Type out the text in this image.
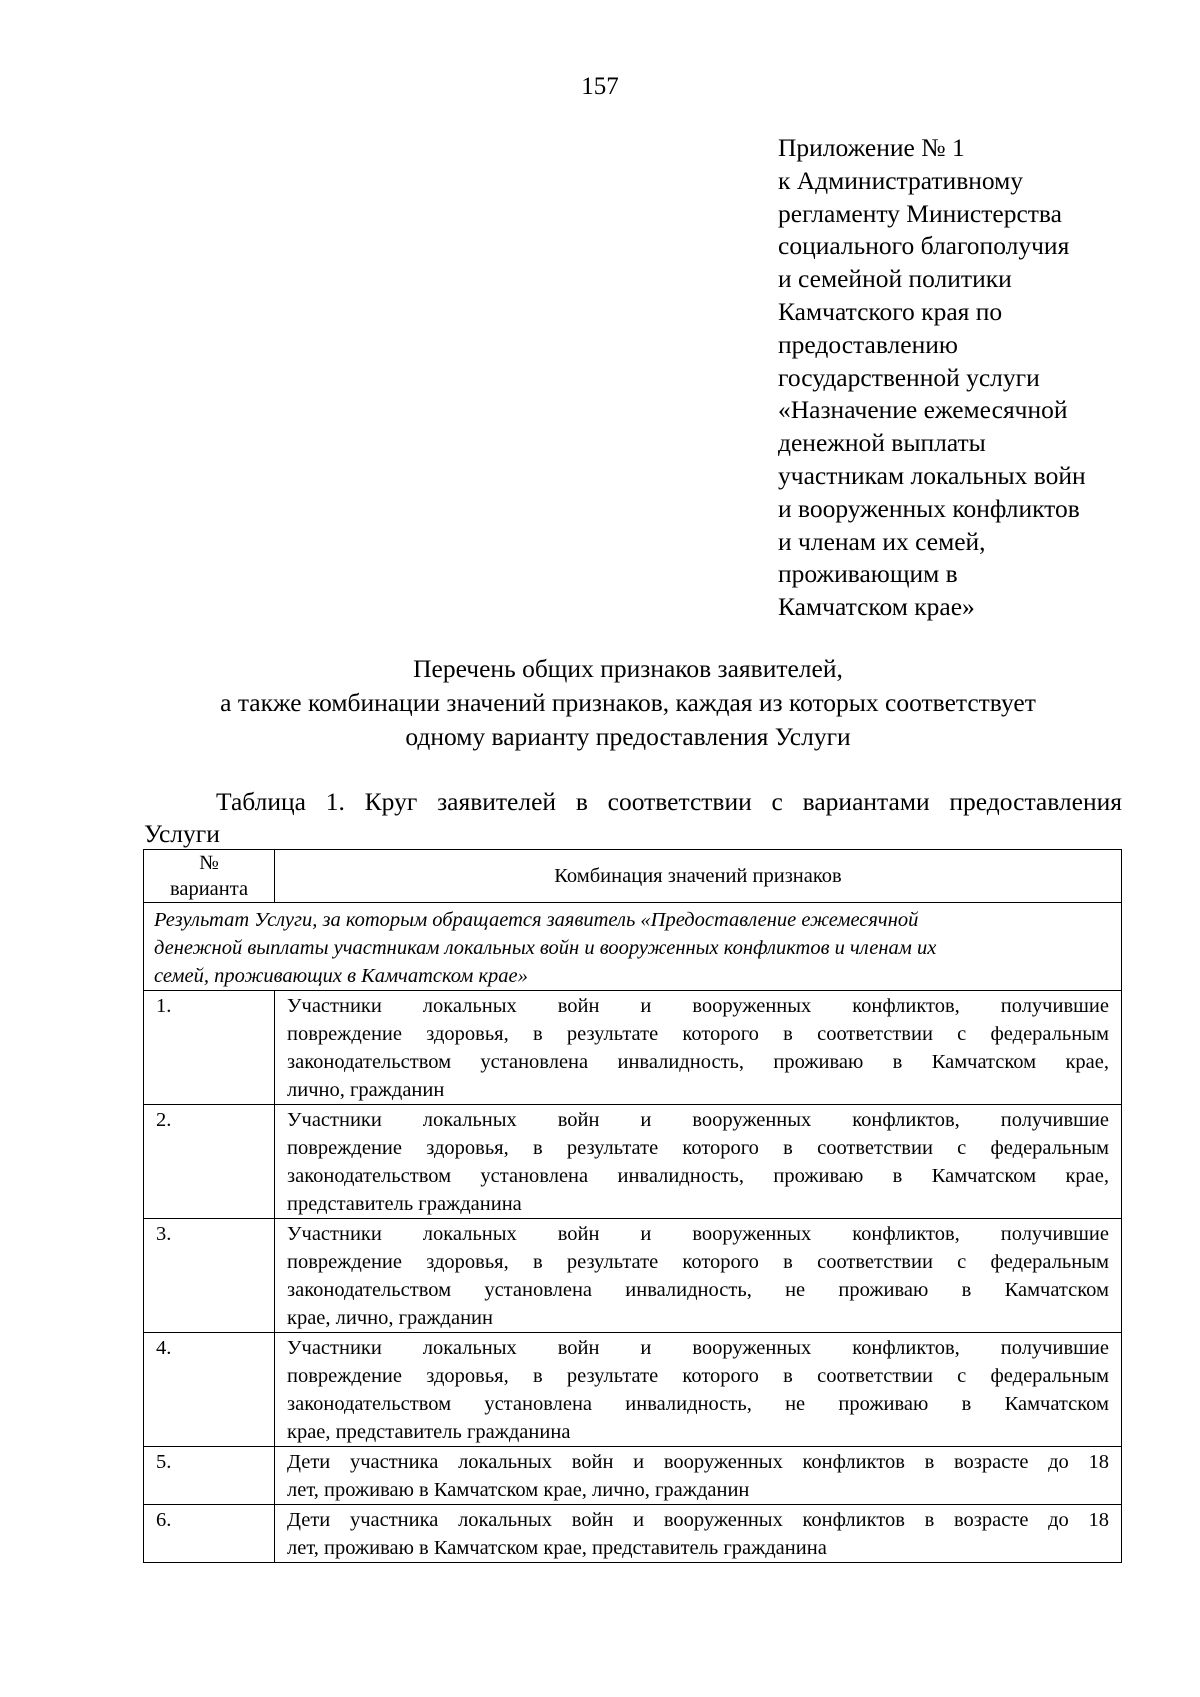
157
Приложение № 1
к Административному
регламенту Министерства
социального благополучия
и семейной политики
Камчатского края по
предоставлению
государственной услуги
«Назначение ежемесячной
денежной выплаты
участникам локальных войн
и вооруженных конфликтов
и членам их семей,
проживающим в
Камчатском крае»
Перечень общих признаков заявителей,
а также комбинации значений признаков, каждая из которых соответствует
одному варианту предоставления Услуги
Таблица 1. Круг заявителей в соответствии с вариантами предоставления
Услуги
№
варианта	Комбинация значений признаков

Результат Услуги, за которым обращается заявитель «Предоставление ежемесячной
денежной выплаты участникам локальных войн и вооруженных конфликтов и членам их
семей, проживающих в Камчатском крае»	

1.	Участники локальных войн и вооруженных конфликтов, получившие
повреждение здоровья, в результате которого в соответствии с федеральным
законодательством установлена инвалидность, проживаю в Камчатском крае,
лично, гражданин

2.	Участники локальных войн и вооруженных конфликтов, получившие
повреждение здоровья, в результате которого в соответствии с федеральным
законодательством установлена инвалидность, проживаю в Камчатском крае,
представитель гражданина

3.	Участники локальных войн и вооруженных конфликтов, получившие
повреждение здоровья, в результате которого в соответствии с федеральным
законодательством установлена инвалидность, не проживаю в Камчатском
крае, лично, гражданин

4.	Участники локальных войн и вооруженных конфликтов, получившие
повреждение здоровья, в результате которого в соответствии с федеральным
законодательством установлена инвалидность, не проживаю в Камчатском
крае, представитель гражданина

5.	Дети участника локальных войн и вооруженных конфликтов в возрасте до 18
лет, проживаю в Камчатском крае, лично, гражданин

6.	Дети участника локальных войн и вооруженных конфликтов в возрасте до 18
лет, проживаю в Камчатском крае, представитель гражданина
